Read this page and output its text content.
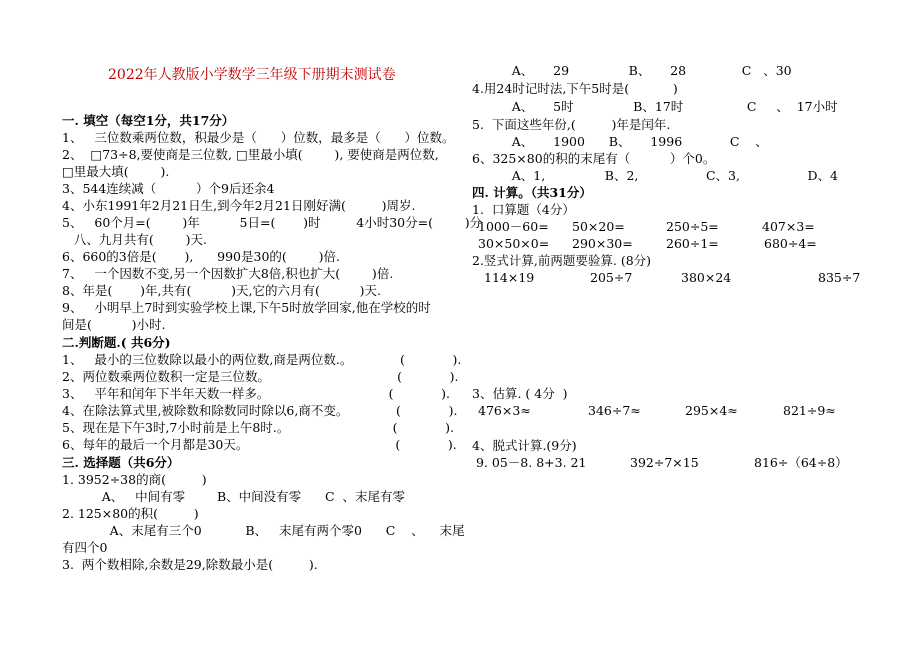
2022年人教版小学数学三年级下册期末测试卷
一. 填空（每空1分，共17分）
1、   三位数乘两位数，积最少是（      ）位数，最多是（      ）位数。
2、  □73÷8,要使商是三位数, □里最小填(        ), 要使商是两位数,
□里最大填(        ).
3、544连续减（          ）个9后还余4
4、小东1991年2月21日生,到今年2月21日刚好满(         )周岁.
5、   60个月=(        )年          5日=(       )时         4小时30分=(        )分
八、九月共有(        )天.
6、660的3倍是(       ),      990是30的(        )倍.
7、   一个因数不变,另一个因数扩大8倍,积也扩大(        )倍.
8、年是(       )年,共有(          )天,它的六月有(          )天.
9、   小明早上7时到实验学校上课,下午5时放学回家,他在学校的时
间是(          )小时.
二.判断题.( 共6分)
1、   最小的三位数除以最小的两位数,商是两位数.。            (            ).
2、两位数乘两位数积一定是三位数。                                (            ).
3、   平年和闰年下半年天数一样多。                              (            ).
4、在除法算式里,被除数和除数同时除以6,商不变。            (            ).
5、现在是下午3时,7小时前是上午8时.。                          (            ).
6、每年的最后一个月都是30天。                                     (            ).
三. 选择题（共6分）
1. 3952÷38的商(         )
A、   中间有零        B、中间没有零      C  、末尾有零
2. 125×80的积(         )
A、末尾有三个0           B、   末尾有两个零0      C    、    末尾
有四个0
3.  两个数相除,余数是29,除数最小是(         ).
A、     29               B、     28              C   、30
4.用24时记时法,下午5时是(           )
A、     5时               B、17时                C     、  17小时
5.  下面这些年份,(         )年是闰年.
A、     1900      B、     1996            C    、
6、325×80的积的末尾有（          ）个0。
A、1,               B、2,                 C、3,                 D、4
四. 计算。（共31分）
1.  口算题（4分）
1000－60= 50×20=	250÷5=	407×3=
30×50×0= 290×30=	260÷1=	680÷4=
2.竖式计算,前两题要验算. (8分)
114×19	205÷7	380×24	835÷7
3、估算. ( 4分  )
476×3≈	346÷7≈	295×4≈	821÷9≈
4、脱式计算.(9分)
9. 05－8. 8+3. 21	392÷7×15	816÷（64÷8）
